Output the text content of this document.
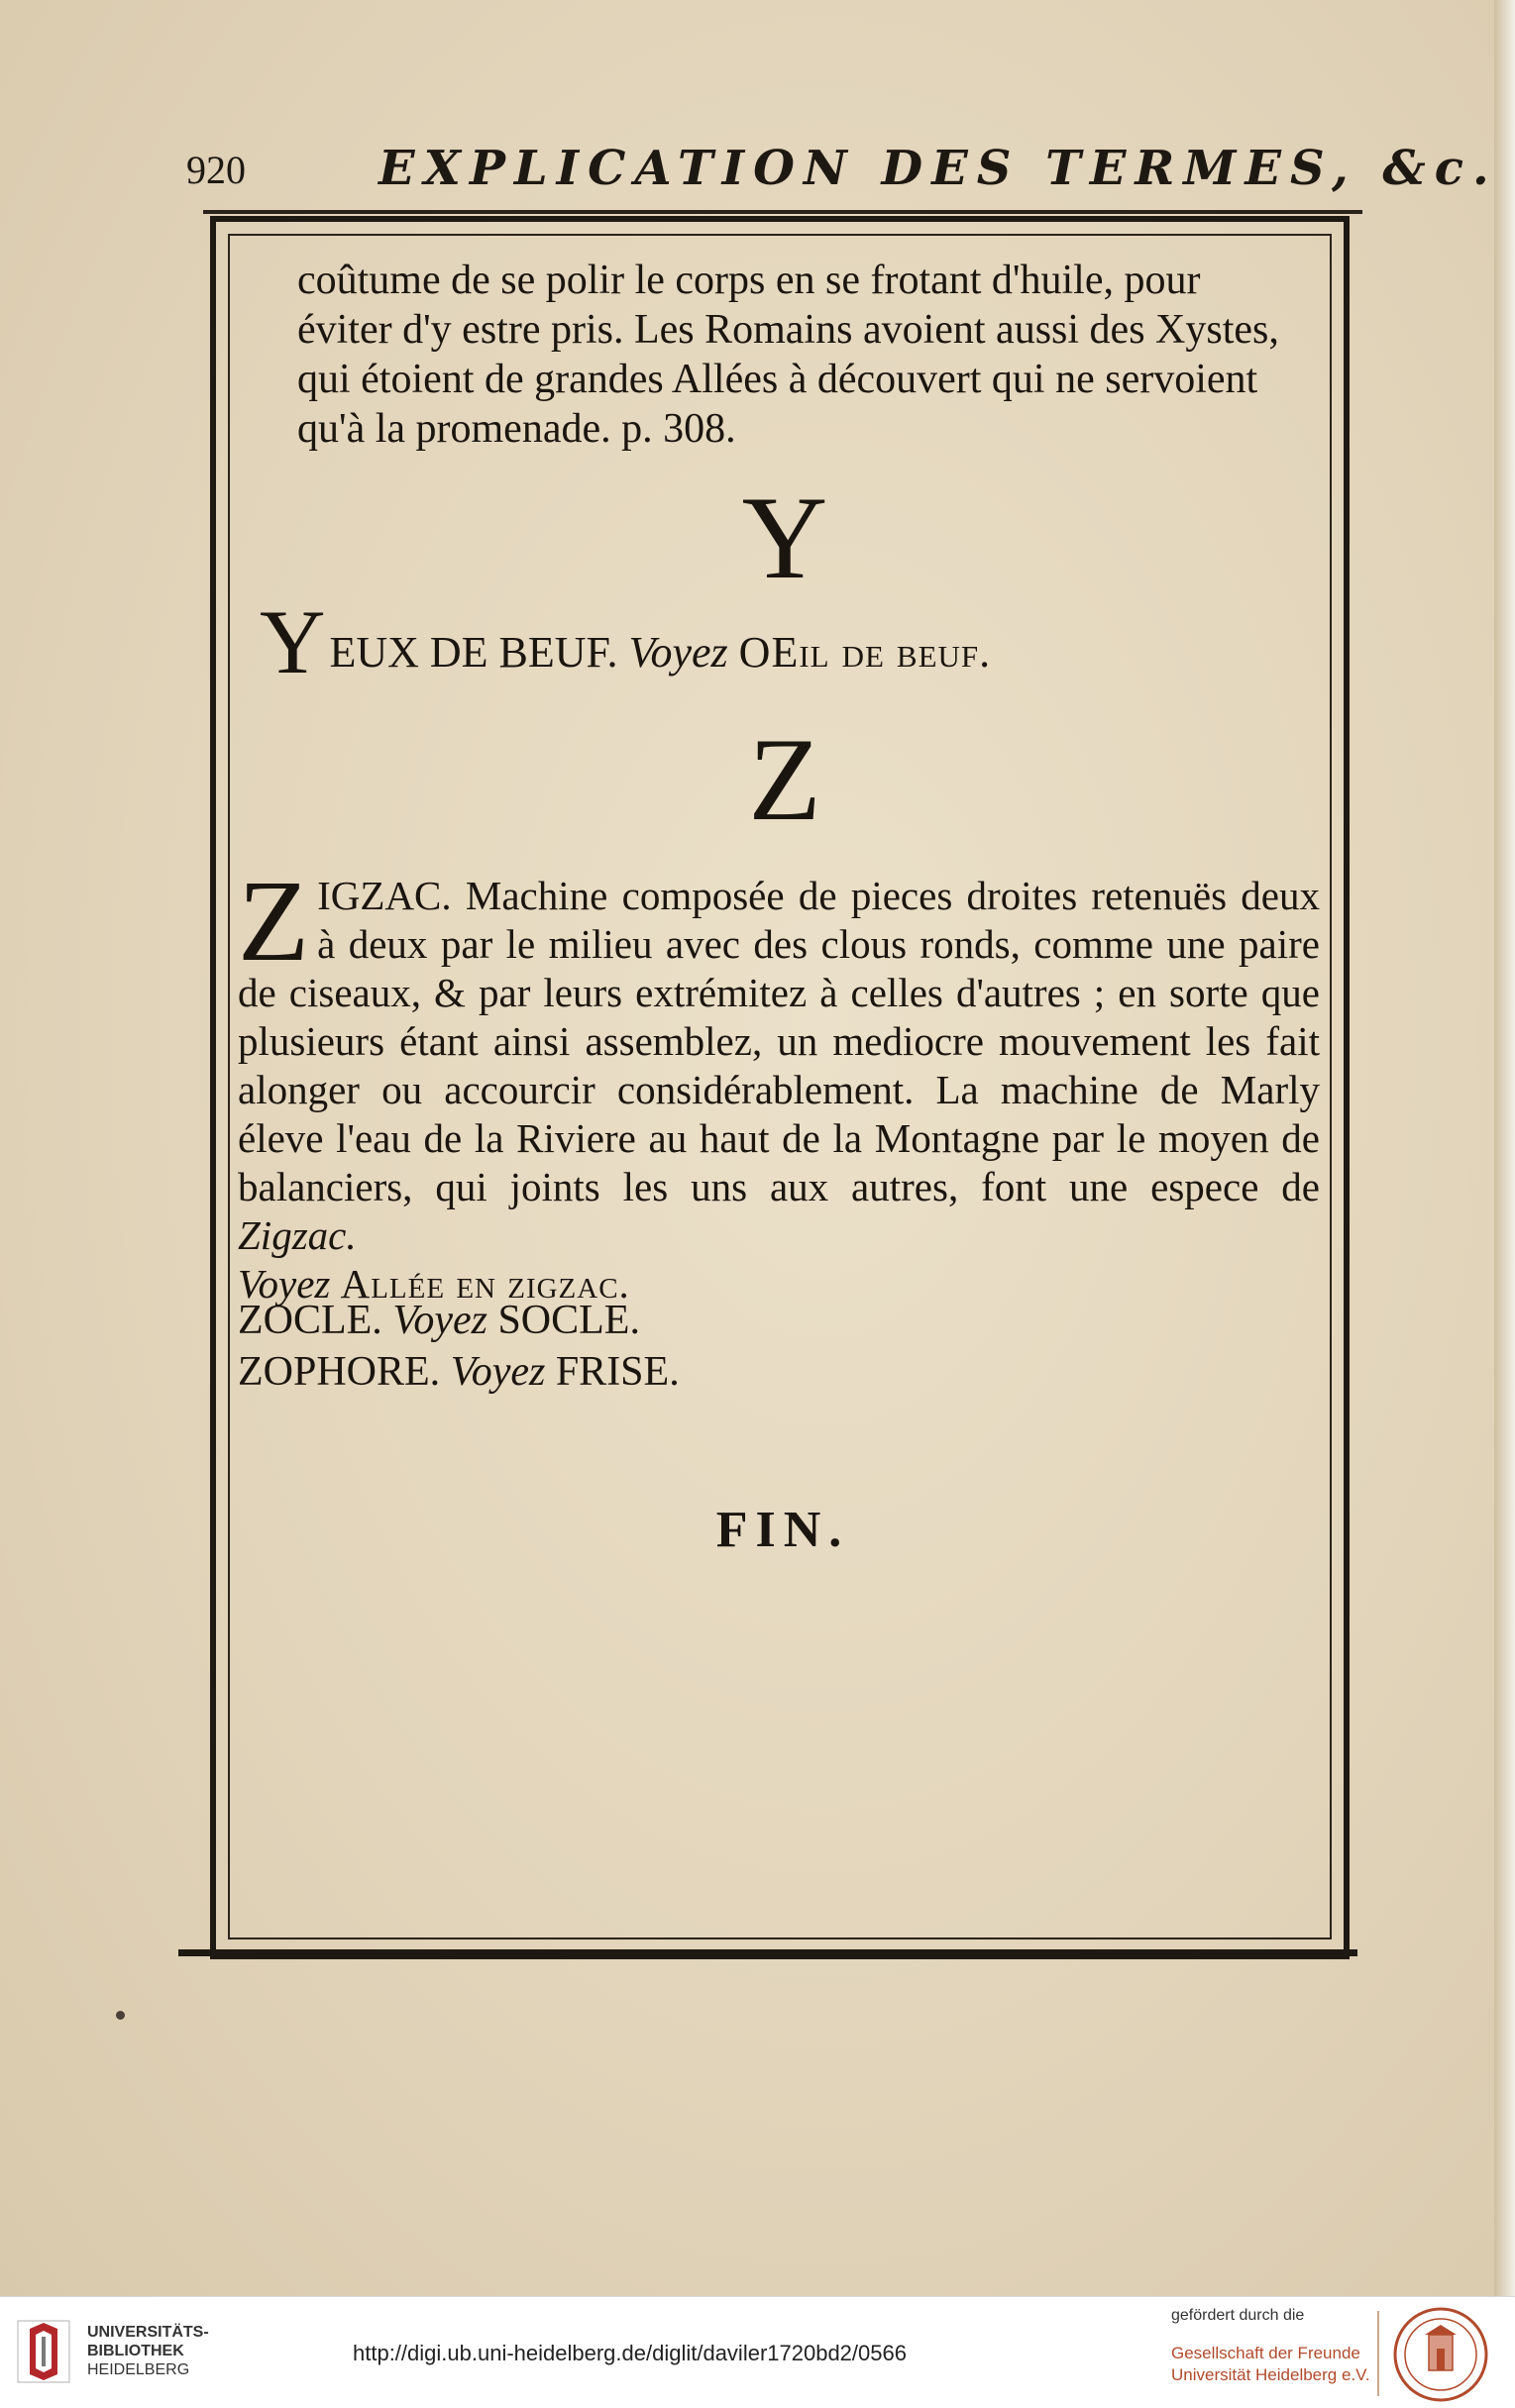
920	EXPLICATION DES TERMES, &c.

coûtume de se polir le corps en se frotant d'huile, pour

éviter d'y estre pris. Les Romains avoient aussi des Xystes,

qui étoient de grandes Allées à découvert qui ne servoient

qu'à la promenade. p. 308.

Y
YEUX DE BEUF. Voyez OEil de beuf.
Z
ZIGZAC. Machine composée de pieces droites retenuës deux à deux par le milieu avec des clous ronds, comme une paire de ciseaux, & par leurs extrémitez à celles d'autres ; en sorte que plusieurs étant ainsi assemblez, un mediocre mouvement les fait alonger ou accourcir considérablement. La machine de Marly éleve l'eau de la Riviere au haut de la Montagne par le moyen de balanciers, qui joints les uns aux autres, font une espece de Zigzac.
Voyez Allée en zigzac.
ZOCLE. Voyez SOCLE.
ZOPHORE. Voyez FRISE.
FIN.
UNIVERSITÄTS-
BIBLIOTHEK
HEIDELBERG
http://digi.ub.uni-heidelberg.de/diglit/daviler1720bd2/0566
gefördert durch die
Gesellschaft der Freunde
Universität Heidelberg e.V.
